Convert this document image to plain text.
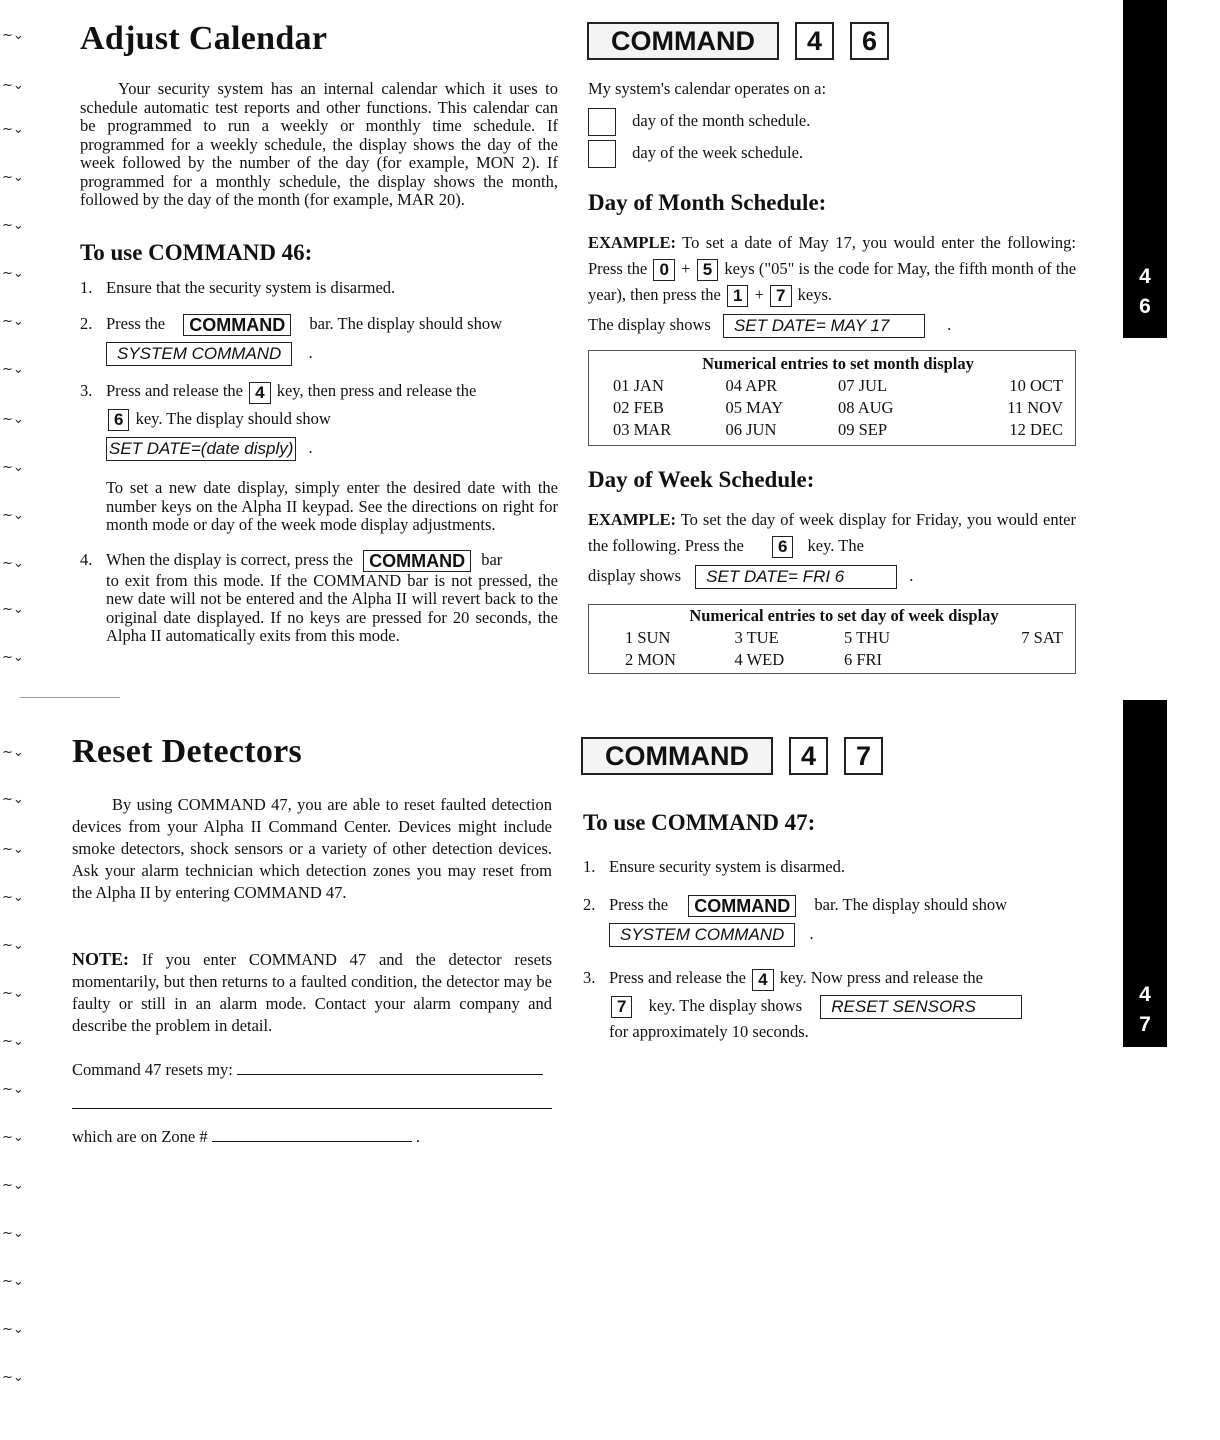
~⌄
~⌄
~⌄
~⌄
~⌄
~⌄
~⌄
~⌄
~⌄
~⌄
~⌄
~⌄
~⌄
~⌄
~⌄
~⌄
~⌄
~⌄
~⌄
~⌄
~⌄
~⌄
~⌄
~⌄
~⌄
~⌄
~⌄
~⌄
Adjust Calendar

Your security system has an internal calendar which it uses to schedule automatic test reports and other functions. This calendar can be programmed to run a weekly or monthly time schedule. If programmed for a weekly schedule, the display shows the day of the week followed by the number of the day (for example, MON 2). If programmed for a monthly schedule, the display shows the month, followed by the day of the month (for example, MAR 20).

To use COMMAND 46:
1. Ensure that the security system is disarmed.
2. Press the COMMAND bar. The display should show
SYSTEM COMMAND .
3. Press and release the 4 key, then press and release the
6 key. The display should show
SET DATE=(date disply) .

To set a new date display, simply enter the desired date with the number keys on the Alpha II keypad. See the directions on right for month mode or day of the week mode display adjustments.

4. When the display is correct, press the COMMAND bar

to exit from this mode. If the COMMAND bar is not pressed, the new date will not be entered and the Alpha II will revert back to the original date displayed. If no keys are pressed for 20 seconds, the Alpha II automatically exits from this mode.

COMMAND 4 6
My system's calendar operates on a:
day of the month schedule.
day of the week schedule.
Day of Month Schedule:
EXAMPLE: To set a date of May 17, you would enter the following: Press the 0 + 5 keys ("05" is the code for May, the fifth month of the year), then press the 1 + 7 keys.
The display shows SET DATE= MAY 17	.
Numerical entries to set month display
01 JAN	04 APR	07 JUL	10 OCT
02 FEB	05 MAY	08 AUG	11 NOV
03 MAR	06 JUN	09 SEP	12 DEC
Day of Week Schedule:
EXAMPLE: To set the day of week display for Friday, you would enter the following. Press the 6 key. The
display shows SET DATE= FRI 6	.
Numerical entries to set day of week display
1 SUN	3 TUE	5 THU	7 SAT
2 MON	4 WED	6 FRI
4
6
Reset Detectors

By using COMMAND 47, you are able to reset faulted detection devices from your Alpha II Command Center. Devices might include smoke detectors, shock sensors or a variety of other detection devices. Ask your alarm technician which detection zones you may reset from the Alpha II by entering COMMAND 47.

NOTE: If you enter COMMAND 47 and the detector resets momentarily, but then returns to a faulted condition, the detector may be faulty or still in an alarm mode. Contact your alarm company and describe the problem in detail.
Command 47 resets my:
which are on Zone #	.
COMMAND 4 7
To use COMMAND 47:
1. Ensure security system is disarmed.
2. Press the COMMAND bar. The display should show
SYSTEM COMMAND .
3. Press and release the 4 key. Now press and release the
7 key. The display shows RESET SENSORS
for approximately 10 seconds.
4
7
